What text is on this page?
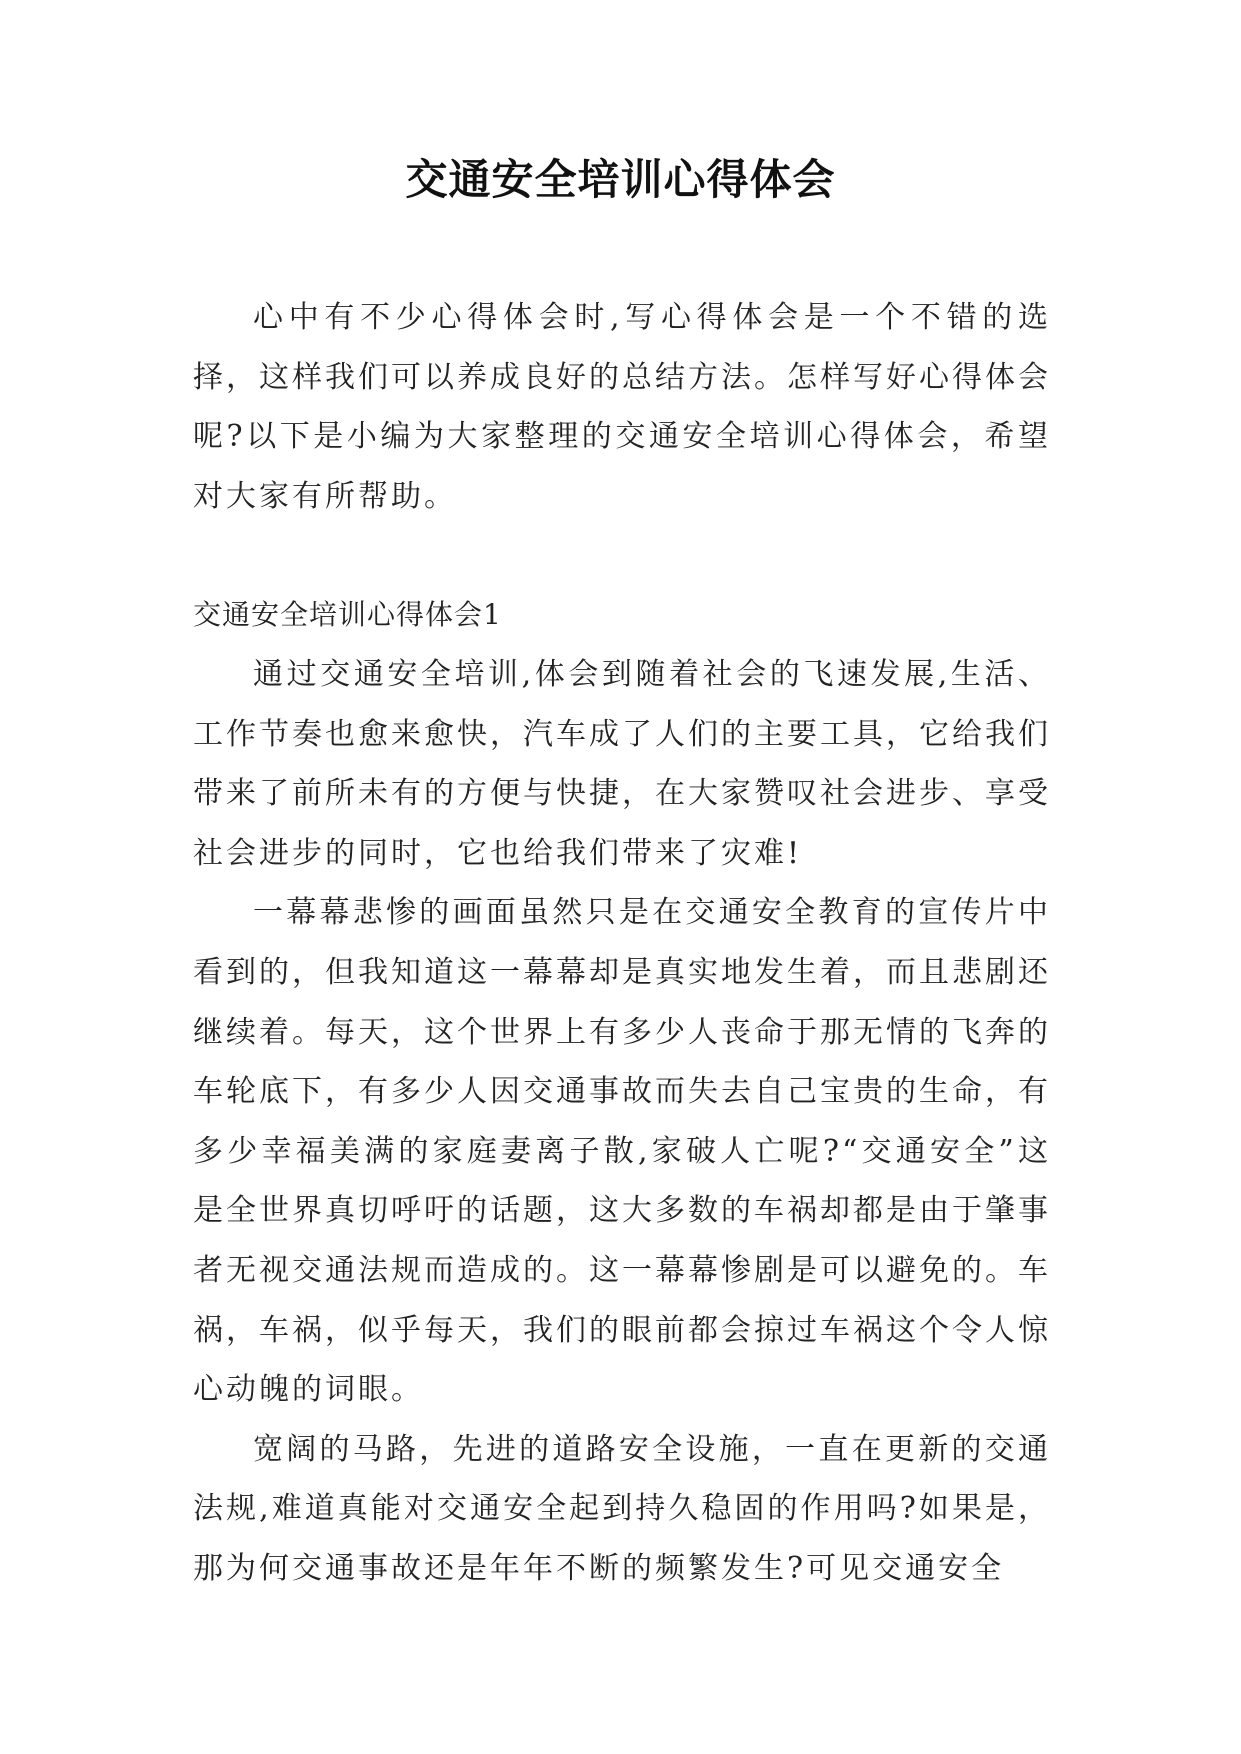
交通安全培训心得体会

心中有不少心得体会时,写心得体会是一个不错的选择，这样我们可以养成良好的总结方法。怎样写好心得体会呢?以下是小编为大家整理的交通安全培训心得体会，希望对大家有所帮助。

交通安全培训心得体会1

通过交通安全培训,体会到随着社会的飞速发展,生活、工作节奏也愈来愈快，汽车成了人们的主要工具，它给我们带来了前所未有的方便与快捷，在大家赞叹社会进步、享受社会进步的同时，它也给我们带来了灾难!

一幕幕悲惨的画面虽然只是在交通安全教育的宣传片中看到的，但我知道这一幕幕却是真实地发生着，而且悲剧还继续着。每天，这个世界上有多少人丧命于那无情的飞奔的车轮底下，有多少人因交通事故而失去自己宝贵的生命，有多少幸福美满的家庭妻离子散,家破人亡呢?“交通安全”这是全世界真切呼吁的话题，这大多数的车祸却都是由于肇事者无视交通法规而造成的。这一幕幕惨剧是可以避免的。车祸，车祸，似乎每天，我们的眼前都会掠过车祸这个令人惊心动魄的词眼。

宽阔的马路，先进的道路安全设施，一直在更新的交通法规,难道真能对交通安全起到持久稳固的作用吗?如果是，那为何交通事故还是年年不断的频繁发生?可见交通安全
